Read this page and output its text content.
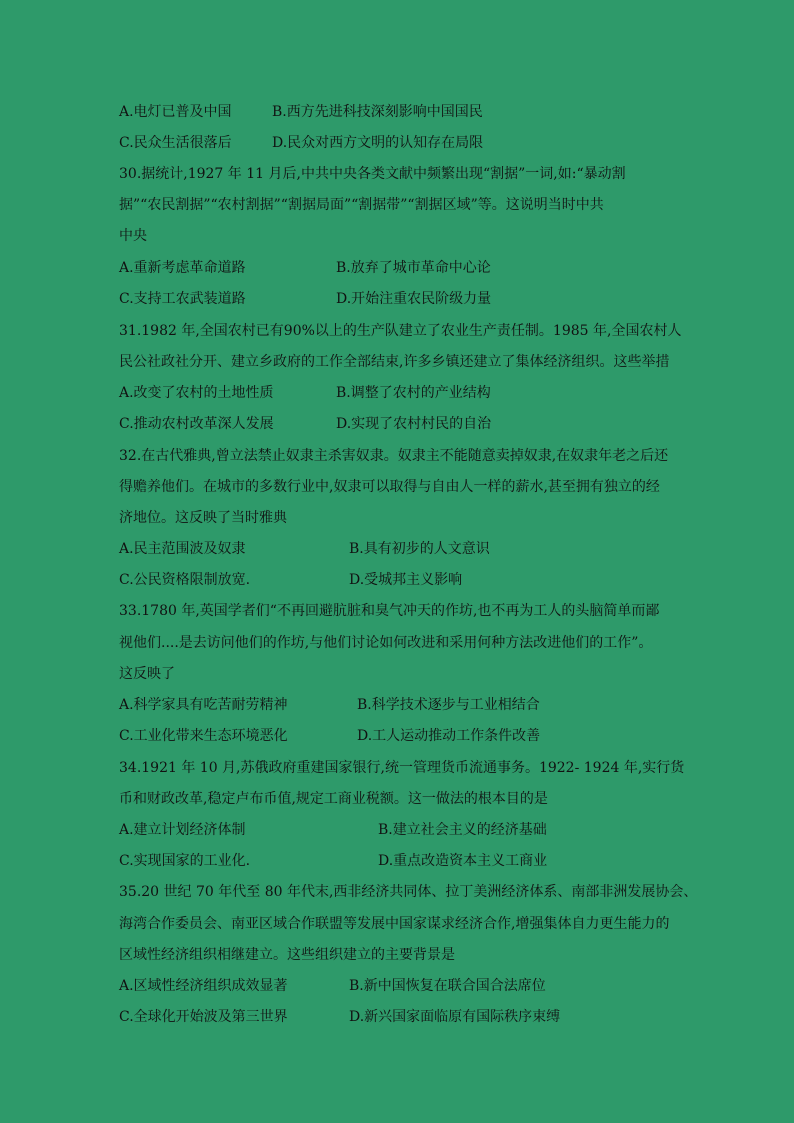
A.电灯已普及中国	B.西方先进科技深刻影响中国国民
C.民众生活很落后	D.民众对西方文明的认知存在局限
30.据统计,1927 年 11 月后,中共中央各类文献中频繁出现“割据”一词,如:“暴动割
据”“农民割据”“农村割据”“割据局面”“割据带”“割据区域”等。这说明当时中共
中央
A.重新考虑革命道路	B.放弃了城市革命中心论
C.支持工农武装道路	D.开始注重农民阶级力量
31.1982 年,全国农村已有90%以上的生产队建立了农业生产责任制。1985 年,全国农村人
民公社政社分开、建立乡政府的工作全部结束,许多乡镇还建立了集体经济组织。这些举措
A.改变了农村的土地性质	B.调整了农村的产业结构
C.推动农村改革深人发展	D.实现了农村村民的自治
32.在古代雅典,曾立法禁止奴隶主杀害奴隶。奴隶主不能随意卖掉奴隶,在奴隶年老之后还
得赡养他们。在城市的多数行业中,奴隶可以取得与自由人一样的薪水,甚至拥有独立的经
济地位。这反映了当时雅典
A.民主范围波及奴隶	B.具有初步的人文意识
C.公民资格限制放宽.	D.受城邦主义影响
33.1780 年,英国学者们“不再回避肮脏和臭气冲天的作坊,也不再为工人的头脑简单而鄙
视他们....是去访问他们的作坊,与他们讨论如何改进和采用何种方法改进他们的工作”。
这反映了
A.科学家具有吃苦耐劳精神	B.科学技术逐步与工业相结合
C.工业化带来生态环境恶化	D.工人运动推动工作条件改善
34.1921 年 10 月,苏俄政府重建国家银行,统一管理货币流通事务。1922- 1924 年,实行货
币和财政改革,稳定卢布币值,规定工商业税额。这一做法的根本目的是
A.建立计划经济体制	B.建立社会主义的经济基础
C.实现国家的工业化.	D.重点改造资本主义工商业
35.20 世纪 70 年代至 80 年代末,西非经济共同体、拉丁美洲经济体系、南部非洲发展协会、
海湾合作委员会、南亚区域合作联盟等发展中国家谋求经济合作,增强集体自力更生能力的
区域性经济组织相继建立。这些组织建立的主要背景是
A.区域性经济组织成效显著	B.新中国恢复在联合国合法席位
C.全球化开始波及第三世界	D.新兴国家面临原有国际秩序束缚
